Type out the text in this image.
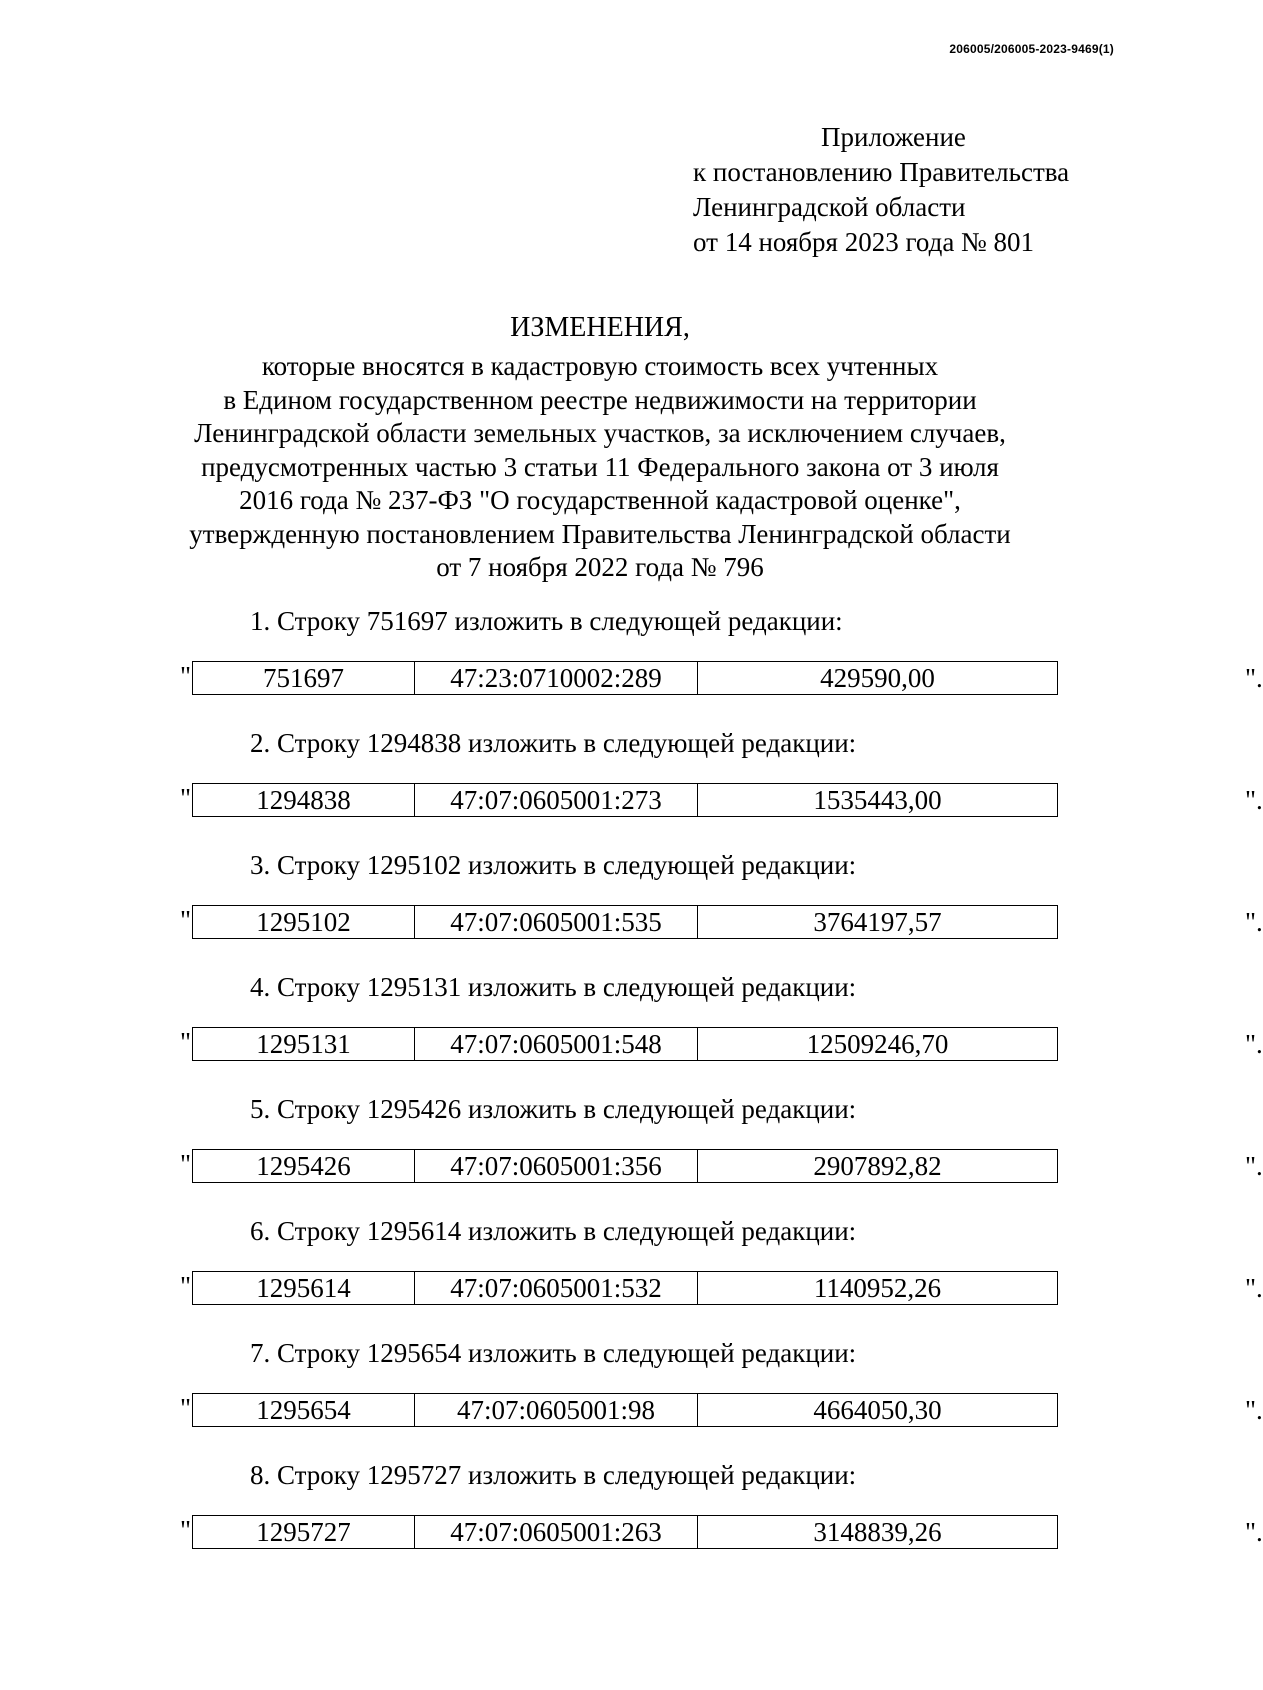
206005/206005-2023-9469(1)
Приложение
к постановлению Правительства
Ленинградской области
от 14 ноября 2023 года № 801
ИЗМЕНЕНИЯ,
которые вносятся в кадастровую стоимость всех учтенных
в Едином государственном реестре недвижимости на территории
Ленинградской области земельных участков, за исключением случаев,
предусмотренных частью 3 статьи 11 Федерального закона от 3 июля
2016 года № 237-ФЗ "О государственной кадастровой оценке",
утвержденную постановлением Правительства Ленинградской области
от 7 ноября 2022 года № 796
1. Строку 751697 изложить в следующей редакции:
"	751697	47:23:0710002:289	429590,00	".
2. Строку 1294838 изложить в следующей редакции:
"	1294838	47:07:0605001:273	1535443,00	".
3. Строку 1295102 изложить в следующей редакции:
"	1295102	47:07:0605001:535	3764197,57	".
4. Строку 1295131 изложить в следующей редакции:
"	1295131	47:07:0605001:548	12509246,70	".
5. Строку 1295426 изложить в следующей редакции:
"	1295426	47:07:0605001:356	2907892,82	".
6. Строку 1295614 изложить в следующей редакции:
"	1295614	47:07:0605001:532	1140952,26	".
7. Строку 1295654 изложить в следующей редакции:
"	1295654	47:07:0605001:98	4664050,30	".
8. Строку 1295727 изложить в следующей редакции:
"	1295727	47:07:0605001:263	3148839,26	".
